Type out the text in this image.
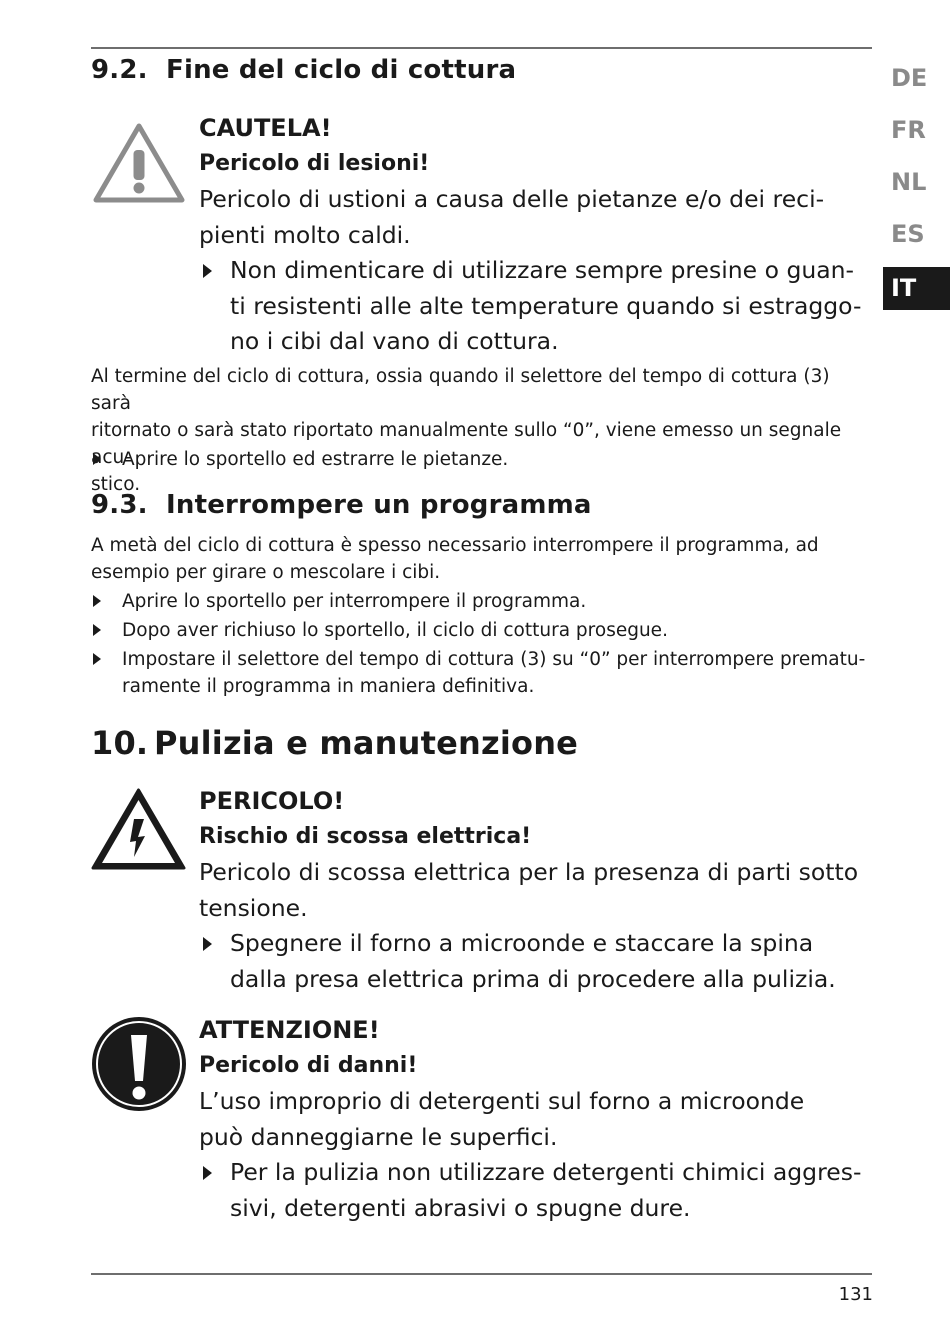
DE
FR
NL
ES
IT
9.2. Fine del ciclo di cottura
CAUTELA!
Pericolo di lesioni!
Pericolo di ustioni a causa delle pietanze e/o dei reci-
pienti molto caldi.
Non dimenticare di utilizzare sempre presine o guan-
ti resistenti alle alte temperature quando si estraggo-
no i cibi dal vano di cottura.
Al termine del ciclo di cottura, ossia quando il selettore del tempo di cottura (3) sarà
ritornato o sarà stato riportato manualmente sullo “0”, viene emesso un segnale acu-
stico.
Aprire lo sportello ed estrarre le pietanze.
9.3. Interrompere un programma
A metà del ciclo di cottura è spesso necessario interrompere il programma, ad
esempio per girare o mescolare i cibi.
Aprire lo sportello per interrompere il programma.
Dopo aver richiuso lo sportello, il ciclo di cottura prosegue.
Impostare il selettore del tempo di cottura (3) su “0” per interrompere prematu-
ramente il programma in maniera definitiva.
10. Pulizia e manutenzione
PERICOLO!
Rischio di scossa elettrica!
Pericolo di scossa elettrica per la presenza di parti sotto
tensione.
Spegnere il forno a microonde e staccare la spina
dalla presa elettrica prima di procedere alla pulizia.
ATTENZIONE!
Pericolo di danni!
L’uso improprio di detergenti sul forno a microonde
può danneggiarne le superfici.
Per la pulizia non utilizzare detergenti chimici aggres-
sivi, detergenti abrasivi o spugne dure.
131
